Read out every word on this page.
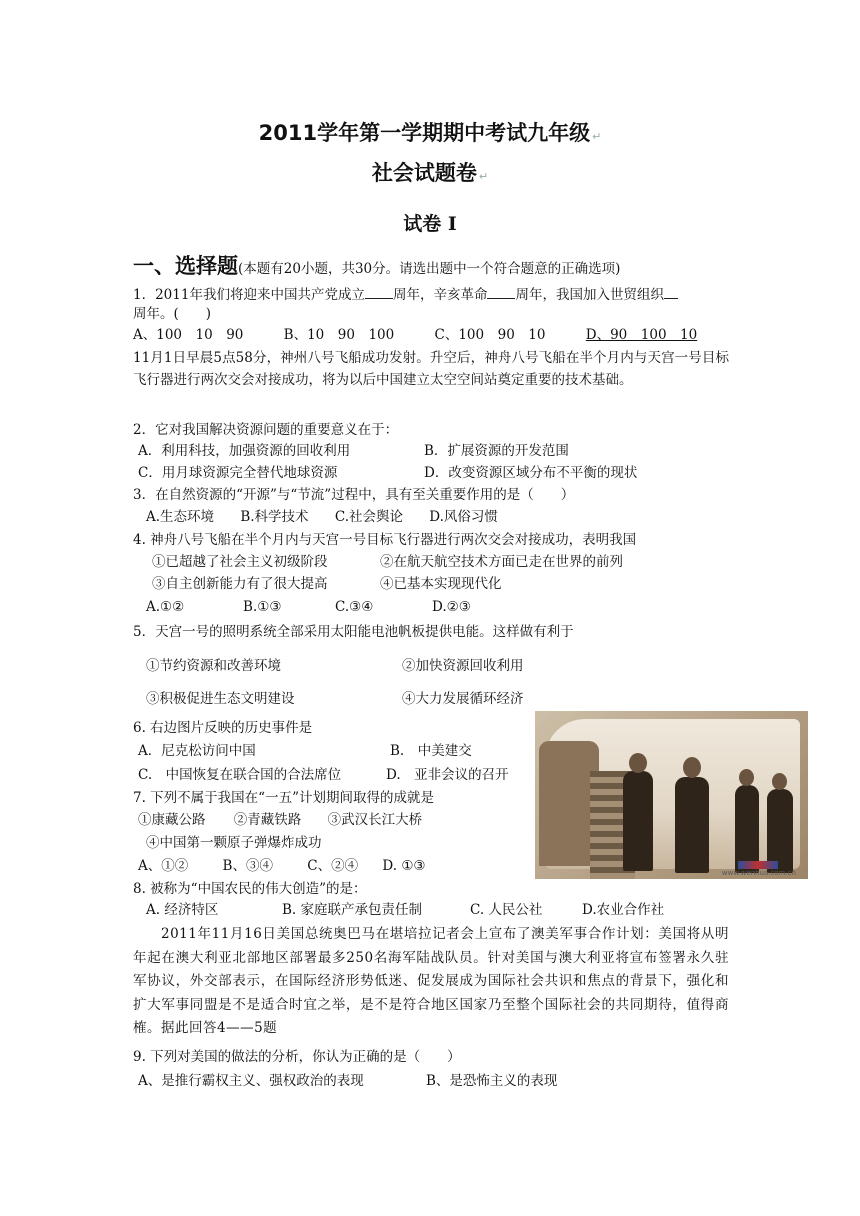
2011学年第一学期期中考试九年级 ↵
社会试题卷 ↵
试卷 I
一、选择题(本题有20小题，共30分。请选出题中一个符合题意的正确选项)
1．2011年我们将迎来中国共产党成立 周年，辛亥革命 周年，我国加入世贸组织
周年。(　　)
A、100　10　90	B、10　90　100	C、100　90　10	D、90　100　10
11月1日早晨5点58分，神州八号飞船成功发射。升空后，神舟八号飞船在半个月内与天宫一号目标飞行器进行两次交会对接成功，将为以后中国建立太空空间站奠定重要的技术基础。
2．它对我国解决资源问题的重要意义在于：
A．利用科技，加强资源的回收利用	B．扩展资源的开发范围
C．用月球资源完全替代地球资源	D．改变资源区域分布不平衡的现状
3．在自然资源的“开源”与“节流”过程中，具有至关重要作用的是（　　）
A.生态环境 B.科学技术 C.社会舆论 D.风俗习惯
4. 神舟八号飞船在半个月内与天宫一号目标飞行器进行两次交会对接成功，表明我国
①已超越了社会主义初级阶段	②在航天航空技术方面已走在世界的前列
③自主创新能力有了很大提高	④已基本实现现代化
A.①②	B.①③	C.③④	D.②③
5．天宫一号的照明系统全部采用太阳能电池帆板提供电能。这样做有利于
①节约资源和改善环境	②加快资源回收利用
③积极促进生态文明建设	④大力发展循环经济
www.wenhua.com.cn
6. 右边图片反映的历史事件是
A．尼克松访问中国	B.　中美建交
C.　中国恢复在联合国的合法席位	D.　亚非会议的召开
7. 下列不属于我国在“一五”计划期间取得的成就是
①康藏公路 ②青藏铁路 ③武汉长江大桥
④中国第一颗原子弹爆炸成功
A、①②	B、③④	C、②④ D. ①③
8. 被称为“中国农民的伟大创造”的是：
A. 经济特区	B. 家庭联产承包责任制	C. 人民公社	D.农业合作社
2011年11月16日美国总统奥巴马在堪培拉记者会上宣布了澳美军事合作计划：美国将从明年起在澳大利亚北部地区部署最多250名海军陆战队员。针对美国与澳大利亚将宣布签署永久驻军协议，外交部表示，在国际经济形势低迷、促发展成为国际社会共识和焦点的背景下，强化和扩大军事同盟是不是适合时宜之举，是不是符合地区国家乃至整个国际社会的共同期待，值得商榷。据此回答4——5题
9. 下列对美国的做法的分析，你认为正确的是（　　）
A、是推行霸权主义、强权政治的表现	B、是恐怖主义的表现
